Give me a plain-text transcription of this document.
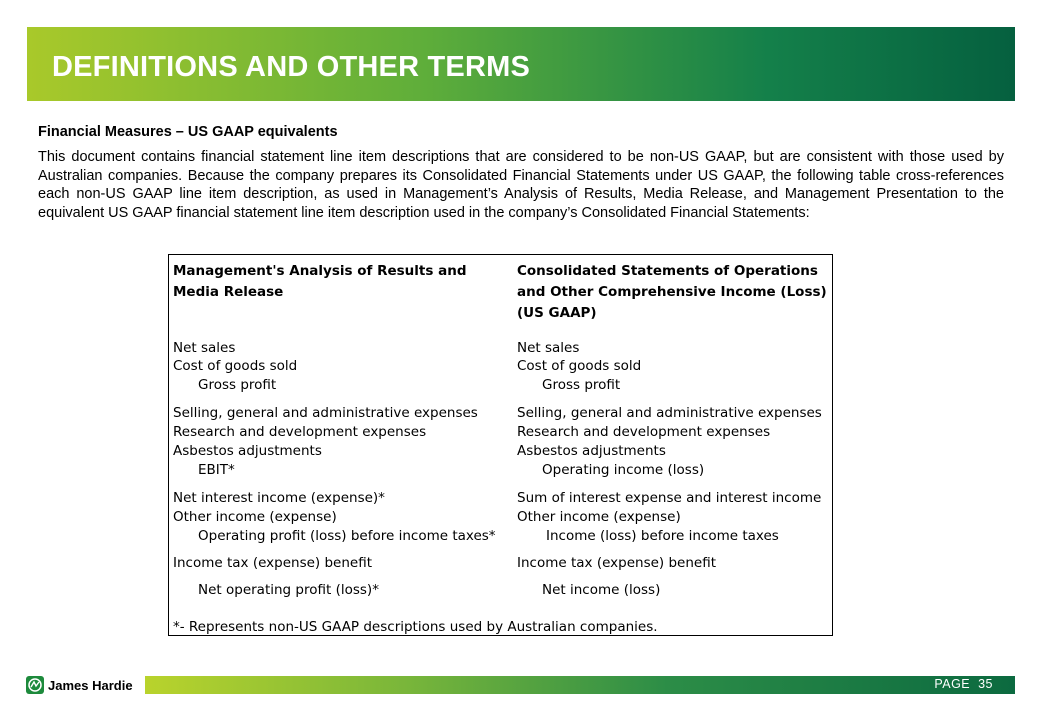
DEFINITIONS AND OTHER TERMS
Financial Measures – US GAAP equivalents

This document contains financial statement line item descriptions that are considered to be non-US GAAP, but are consistent with those used by Australian companies. Because the company prepares its Consolidated Financial Statements under US GAAP, the following table cross-references each non-US GAAP line item description, as used in Management’s Analysis of Results, Media Release, and Management Presentation to the equivalent US GAAP financial statement line item description used in the company’s Consolidated Financial Statements:

Management's Analysis of Results and
Media Release
Net sales
Cost of goods sold
Gross profit
Selling, general and administrative expenses
Research and development expenses
Asbestos adjustments
EBIT*
Net interest income (expense)*
Other income (expense)
Operating profit (loss) before income taxes*
Income tax (expense) benefit
Net operating profit (loss)*
Consolidated Statements of Operations
and Other Comprehensive Income (Loss)
(US GAAP)
Net sales
Cost of goods sold
Gross profit
Selling, general and administrative expenses
Research and development expenses
Asbestos adjustments
Operating income (loss)
Sum of interest expense and interest income
Other income (expense)
Income (loss) before income taxes
Income tax (expense) benefit
Net income (loss)
*- Represents non-US GAAP descriptions used by Australian companies.
James Hardie	PAGE 35
